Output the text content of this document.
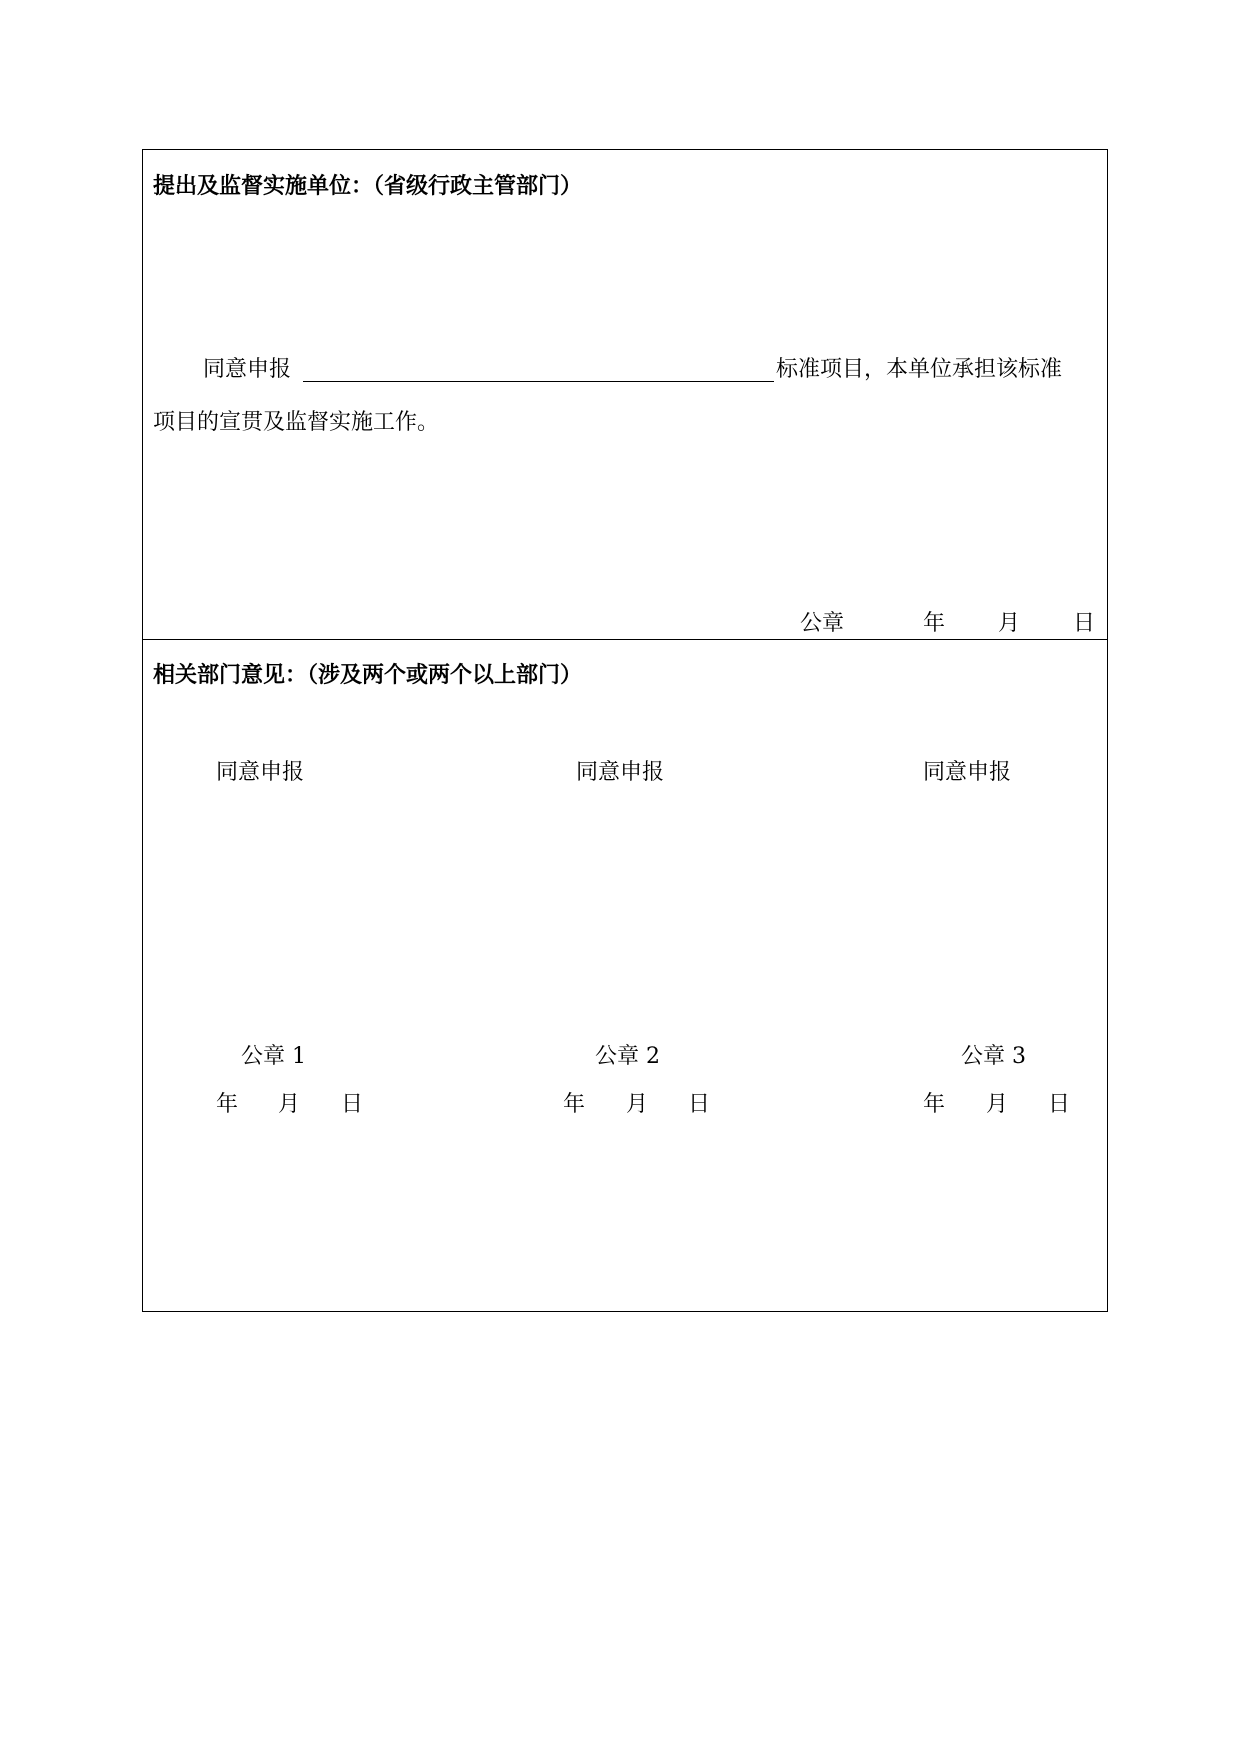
提出及监督实施单位：（省级行政主管部门）
同意申报	标准项目，本单位承担该标准
项目的宣贯及监督实施工作。
公章	年 月 日
相关部门意见：（涉及两个或两个以上部门）
同意申报
公章 1
年 月 日
同意申报
公章 2
年 月 日
同意申报
公章 3
年 月 日
